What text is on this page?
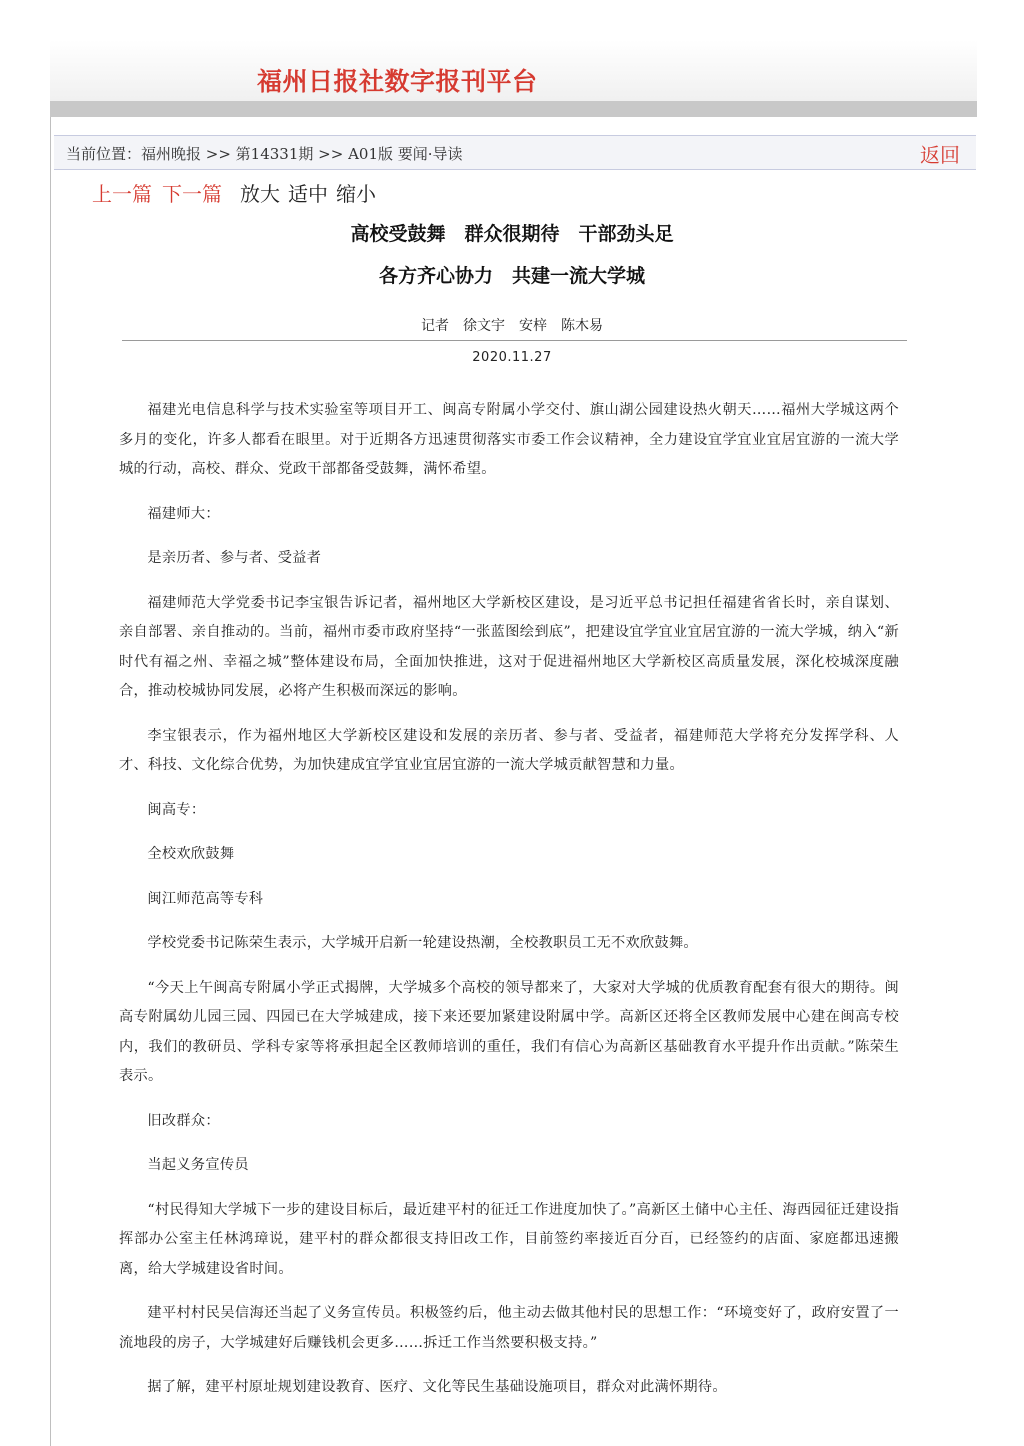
福州日报社数字报刊平台
当前位置：福州晚报 >> 第14331期 >> A01版 要闻·导读	返回
上一篇 下一篇 放大 适中 缩小
高校受鼓舞　群众很期待　干部劲头足
各方齐心协力　共建一流大学城
记者　徐文宇　安梓　陈木易
2020.11.27

福建光电信息科学与技术实验室等项目开工、闽高专附属小学交付、旗山湖公园建设热火朝天……福州大学城这两个多月的变化，许多人都看在眼里。对于近期各方迅速贯彻落实市委工作会议精神，全力建设宜学宜业宜居宜游的一流大学城的行动，高校、群众、党政干部都备受鼓舞，满怀希望。

福建师大：

是亲历者、参与者、受益者

福建师范大学党委书记李宝银告诉记者，福州地区大学新校区建设，是习近平总书记担任福建省省长时，亲自谋划、亲自部署、亲自推动的。当前，福州市委市政府坚持“一张蓝图绘到底”，把建设宜学宜业宜居宜游的一流大学城，纳入“新时代有福之州、幸福之城”整体建设布局，全面加快推进，这对于促进福州地区大学新校区高质量发展，深化校城深度融合，推动校城协同发展，必将产生积极而深远的影响。

李宝银表示，作为福州地区大学新校区建设和发展的亲历者、参与者、受益者，福建师范大学将充分发挥学科、人才、科技、文化综合优势，为加快建成宜学宜业宜居宜游的一流大学城贡献智慧和力量。

闽高专：

全校欢欣鼓舞

闽江师范高等专科

学校党委书记陈荣生表示，大学城开启新一轮建设热潮，全校教职员工无不欢欣鼓舞。

“今天上午闽高专附属小学正式揭牌，大学城多个高校的领导都来了，大家对大学城的优质教育配套有很大的期待。闽高专附属幼儿园三园、四园已在大学城建成，接下来还要加紧建设附属中学。高新区还将全区教师发展中心建在闽高专校内，我们的教研员、学科专家等将承担起全区教师培训的重任，我们有信心为高新区基础教育水平提升作出贡献。”陈荣生表示。

旧改群众：

当起义务宣传员

“村民得知大学城下一步的建设目标后，最近建平村的征迁工作进度加快了。”高新区土储中心主任、海西园征迁建设指挥部办公室主任林鸿璋说，建平村的群众都很支持旧改工作，目前签约率接近百分百，已经签约的店面、家庭都迅速搬离，给大学城建设省时间。

建平村村民吴信海还当起了义务宣传员。积极签约后，他主动去做其他村民的思想工作：“环境变好了，政府安置了一流地段的房子，大学城建好后赚钱机会更多……拆迁工作当然要积极支持。”

据了解，建平村原址规划建设教育、医疗、文化等民生基础设施项目，群众对此满怀期待。
